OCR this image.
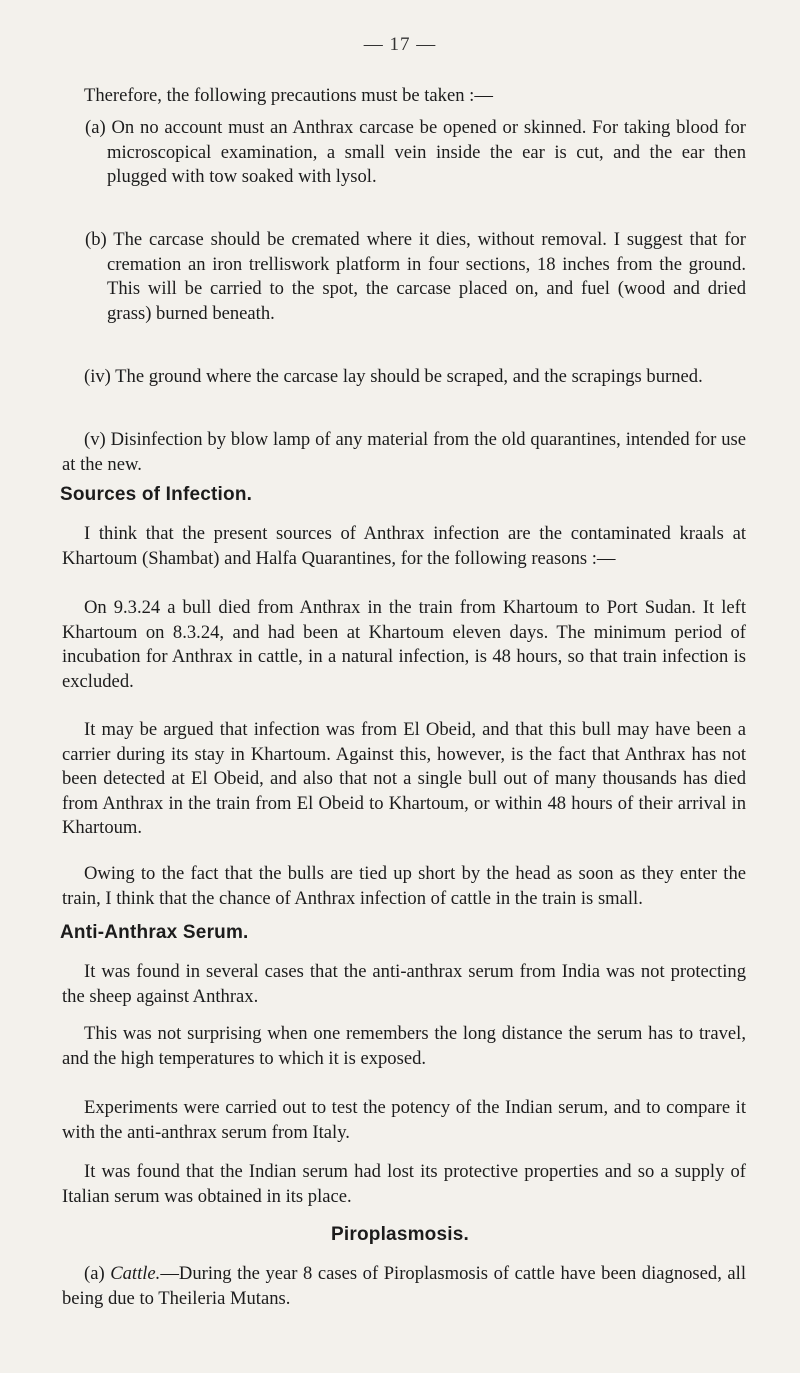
— 17 —

Therefore, the following precautions must be taken :—

(a) On no account must an Anthrax carcase be opened or skinned. For taking blood for microscopical examination, a small vein inside the ear is cut, and the ear then plugged with tow soaked with lysol.

(b) The carcase should be cremated where it dies, without removal. I suggest that for cremation an iron trelliswork platform in four sections, 18 inches from the ground. This will be carried to the spot, the carcase placed on, and fuel (wood and dried grass) burned beneath.

(iv) The ground where the carcase lay should be scraped, and the scrapings burned.

(v) Disinfection by blow lamp of any material from the old quarantines, intended for use at the new.

Sources of Infection.

I think that the present sources of Anthrax infection are the contaminated kraals at Khartoum (Shambat) and Halfa Quarantines, for the following reasons :—

On 9.3.24 a bull died from Anthrax in the train from Khartoum to Port Sudan. It left Khartoum on 8.3.24, and had been at Khartoum eleven days. The minimum period of incubation for Anthrax in cattle, in a natural infection, is 48 hours, so that train infection is excluded.

It may be argued that infection was from El Obeid, and that this bull may have been a carrier during its stay in Khartoum. Against this, however, is the fact that Anthrax has not been detected at El Obeid, and also that not a single bull out of many thousands has died from Anthrax in the train from El Obeid to Khartoum, or within 48 hours of their arrival in Khartoum.

Owing to the fact that the bulls are tied up short by the head as soon as they enter the train, I think that the chance of Anthrax infection of cattle in the train is small.

Anti-Anthrax Serum.

It was found in several cases that the anti-anthrax serum from India was not protecting the sheep against Anthrax.

This was not surprising when one remembers the long distance the serum has to travel, and the high temperatures to which it is exposed.

Experiments were carried out to test the potency of the Indian serum, and to compare it with the anti-anthrax serum from Italy.

It was found that the Indian serum had lost its protective properties and so a supply of Italian serum was obtained in its place.

Piroplasmosis.

(a) Cattle.—During the year 8 cases of Piroplasmosis of cattle have been diagnosed, all being due to Theileria Mutans.
